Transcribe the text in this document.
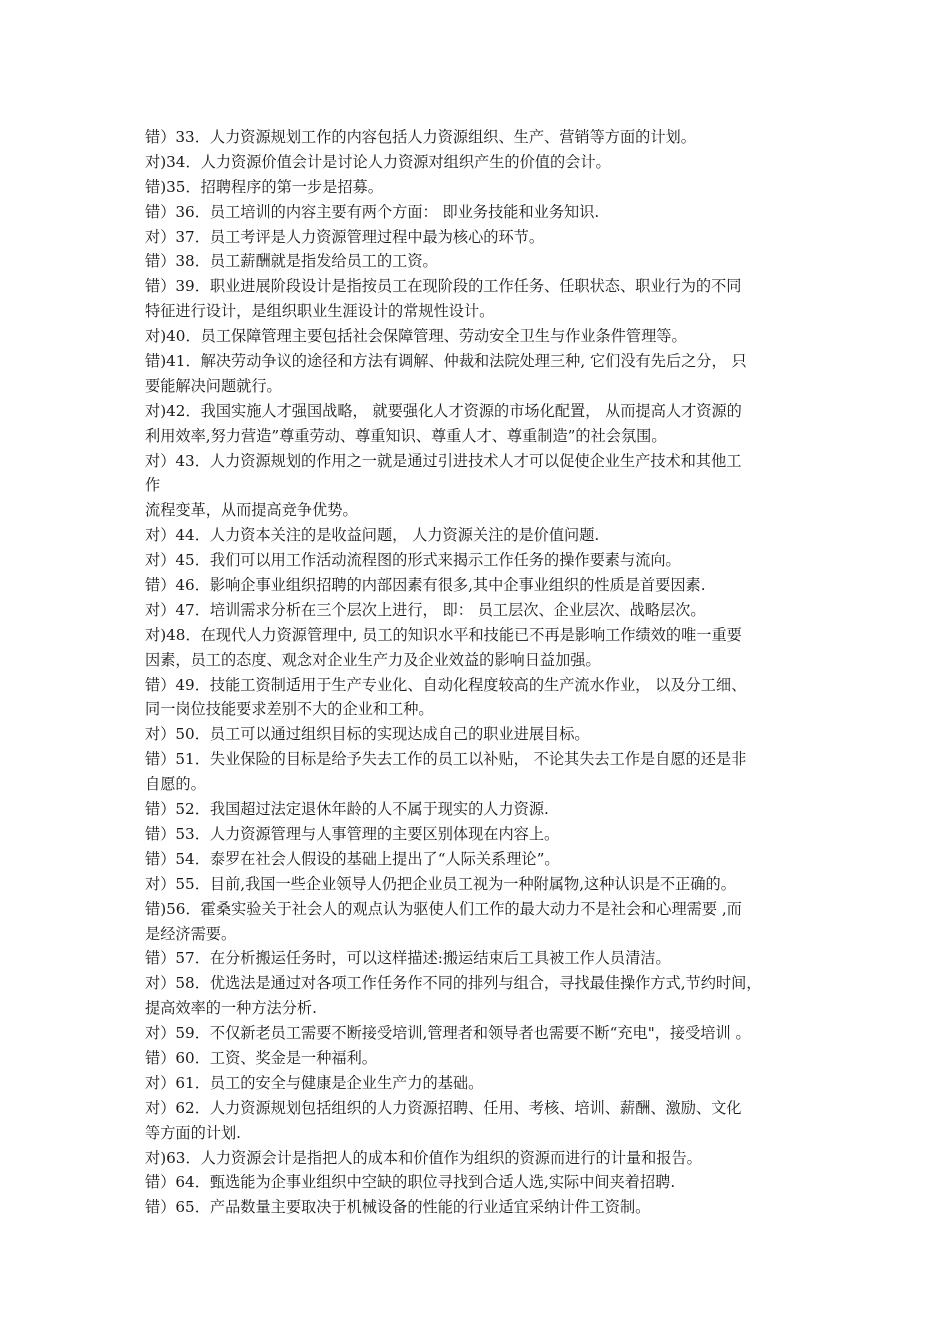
错）33．人力资源规划工作的内容包括人力资源组织、生产、营销等方面的计划。
对)34．人力资源价值会计是讨论人力资源对组织产生的价值的会计。
错)35．招聘程序的第一步是招募。
错）36．员工培训的内容主要有两个方面： 即业务技能和业务知识.
对）37．员工考评是人力资源管理过程中最为核心的环节。
错）38．员工薪酬就是指发给员工的工资。
错）39．职业进展阶段设计是指按员工在现阶段的工作任务、任职状态、职业行为的不同
特征进行设计，是组织职业生涯设计的常规性设计。
对)40．员工保障管理主要包括社会保障管理、劳动安全卫生与作业条件管理等。
错)41．解决劳动争议的途径和方法有调解、仲裁和法院处理三种, 它们没有先后之分， 只
要能解决问题就行。
对)42．我国实施人才强国战略， 就要强化人才资源的市场化配置， 从而提高人才资源的
利用效率,努力营造”尊重劳动、尊重知识、尊重人才、尊重制造”的社会氛围。
对）43．人力资源规划的作用之一就是通过引进技术人才可以促使企业生产技术和其他工
作
流程变革，从而提高竞争优势。
对）44．人力资本关注的是收益问题， 人力资源关注的是价值问题.
对）45．我们可以用工作活动流程图的形式来揭示工作任务的操作要素与流向。
错）46．影响企事业组织招聘的内部因素有很多,其中企事业组织的性质是首要因素.
对）47．培训需求分析在三个层次上进行， 即： 员工层次、企业层次、战略层次。
对)48．在现代人力资源管理中, 员工的知识水平和技能已不再是影响工作绩效的唯一重要
因素，员工的态度、观念对企业生产力及企业效益的影响日益加强。
错）49．技能工资制适用于生产专业化、自动化程度较高的生产流水作业， 以及分工细、
同一岗位技能要求差别不大的企业和工种。
对）50．员工可以通过组织目标的实现达成自己的职业进展目标。
错）51．失业保险的目标是给予失去工作的员工以补贴， 不论其失去工作是自愿的还是非
自愿的。
错）52．我国超过法定退休年龄的人不属于现实的人力资源.
错）53．人力资源管理与人事管理的主要区别体现在内容上。
错）54．泰罗在社会人假设的基础上提出了“人际关系理论”。
对）55．目前,我国一些企业领导人仍把企业员工视为一种附属物,这种认识是不正确的。
错)56．霍桑实验关于社会人的观点认为驱使人们工作的最大动力不是社会和心理需要 ,而
是经济需要。
错）57．在分析搬运任务时，可以这样描述:搬运结束后工具被工作人员清洁。
对）58．优选法是通过对各项工作任务作不同的排列与组合，寻找最佳操作方式,节约时间，
提高效率的一种方法分析.
对）59．不仅新老员工需要不断接受培训,管理者和领导者也需要不断“充电"，接受培训 。
错）60．工资、奖金是一种福利。
对）61．员工的安全与健康是企业生产力的基础。
对）62．人力资源规划包括组织的人力资源招聘、任用、考核、培训、薪酬、激励、文化
等方面的计划.
对)63．人力资源会计是指把人的成本和价值作为组织的资源而进行的计量和报告。
错）64．甄选能为企事业组织中空缺的职位寻找到合适人选,实际中间夹着招聘.
错）65．产品数量主要取决于机械设备的性能的行业适宜采纳计件工资制。
